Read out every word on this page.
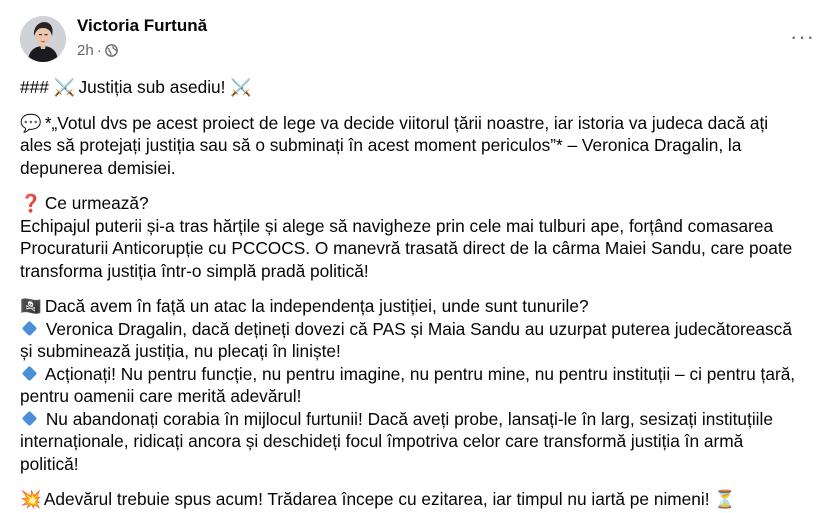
Victoria Furtună
2h ·
···
### ⚔️ Justiția sub asediu! ⚔️
💬 *„Votul dvs pe acest proiect de lege va decide viitorul țării noastre, iar istoria va judeca dacă ați
ales să protejați justiția sau să o subminați în acest moment periculos”* – Veronica Dragalin, la
depunerea demisiei.
❓ Ce urmează?
Echipajul puterii și-a tras hărțile și alege să navigheze prin cele mai tulburi ape, forțând comasarea
Procuraturii Anticorupție cu PCCOCS. O manevră trasată direct de la cârma Maiei Sandu, care poate
transforma justiția într-o simplă pradă politică!
🏴‍☠️ Dacă avem în față un atac la independența justiției, unde sunt tunurile?
Veronica Dragalin, dacă dețineți dovezi că PAS și Maia Sandu au uzurpat puterea judecătorească
și subminează justiția, nu plecați în liniște!
Acționați! Nu pentru funcție, nu pentru imagine, nu pentru mine, nu pentru instituții – ci pentru țară,
pentru oamenii care merită adevărul!
Nu abandonați corabia în mijlocul furtunii! Dacă aveți probe, lansați-le în larg, sesizați instituțiile
internaționale, ridicați ancora și deschideți focul împotriva celor care transformă justiția în armă
politică!
💥 Adevărul trebuie spus acum! Trădarea începe cu ezitarea, iar timpul nu iartă pe nimeni! ⏳
